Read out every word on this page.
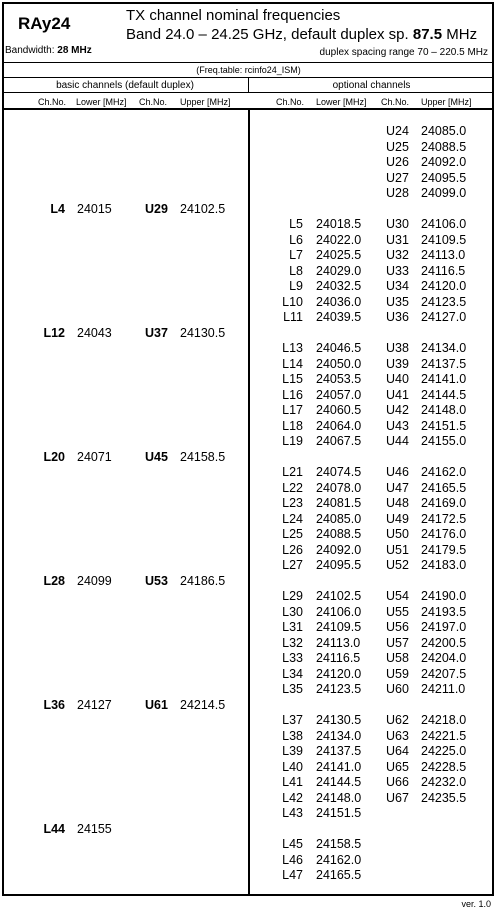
RAy24	TX channel nominal frequencies
Band 24.0 – 24.25 GHz, default duplex sp. 87.5 MHz
Bandwidth: 28 MHz	duplex spacing range 70 – 220.5 MHz
(Freq.table: rcinfo24_ISM)
basic channels (default duplex)	optional channels
Ch.No. Lower [MHz] Ch.No. Upper [MHz]	Ch.No. Lower [MHz] Ch.No. Upper [MHz]
U24 24085.0
U25 24088.5
U26 24092.0
U27 24095.5
U28 24099.0
L4 24015	U29 24102.5
L5 24018.5 U30 24106.0
L6 24022.0 U31 24109.5
L7 24025.5 U32 24113.0
L8 24029.0 U33 24116.5
L9 24032.5 U34 24120.0
L10 24036.0 U35 24123.5
L11 24039.5 U36 24127.0
L12 24043	U37 24130.5
L13 24046.5 U38 24134.0
L14 24050.0 U39 24137.5
L15 24053.5 U40 24141.0
L16 24057.0 U41 24144.5
L17 24060.5 U42 24148.0
L18 24064.0 U43 24151.5
L19 24067.5 U44 24155.0
L20 24071	U45 24158.5
L21 24074.5 U46 24162.0
L22 24078.0 U47 24165.5
L23 24081.5 U48 24169.0
L24 24085.0 U49 24172.5
L25 24088.5 U50 24176.0
L26 24092.0 U51 24179.5
L27 24095.5 U52 24183.0
L28 24099	U53 24186.5
L29 24102.5 U54 24190.0
L30 24106.0 U55 24193.5
L31 24109.5 U56 24197.0
L32 24113.0 U57 24200.5
L33 24116.5 U58 24204.0
L34 24120.0 U59 24207.5
L35 24123.5 U60 24211.0
L36 24127	U61 24214.5
L37 24130.5 U62 24218.0
L38 24134.0 U63 24221.5
L39 24137.5 U64 24225.0
L40 24141.0 U65 24228.5
L41 24144.5 U66 24232.0
L42 24148.0 U67 24235.5
L43 24151.5
L44 24155
L45 24158.5
L46 24162.0
L47 24165.5
ver. 1.0
